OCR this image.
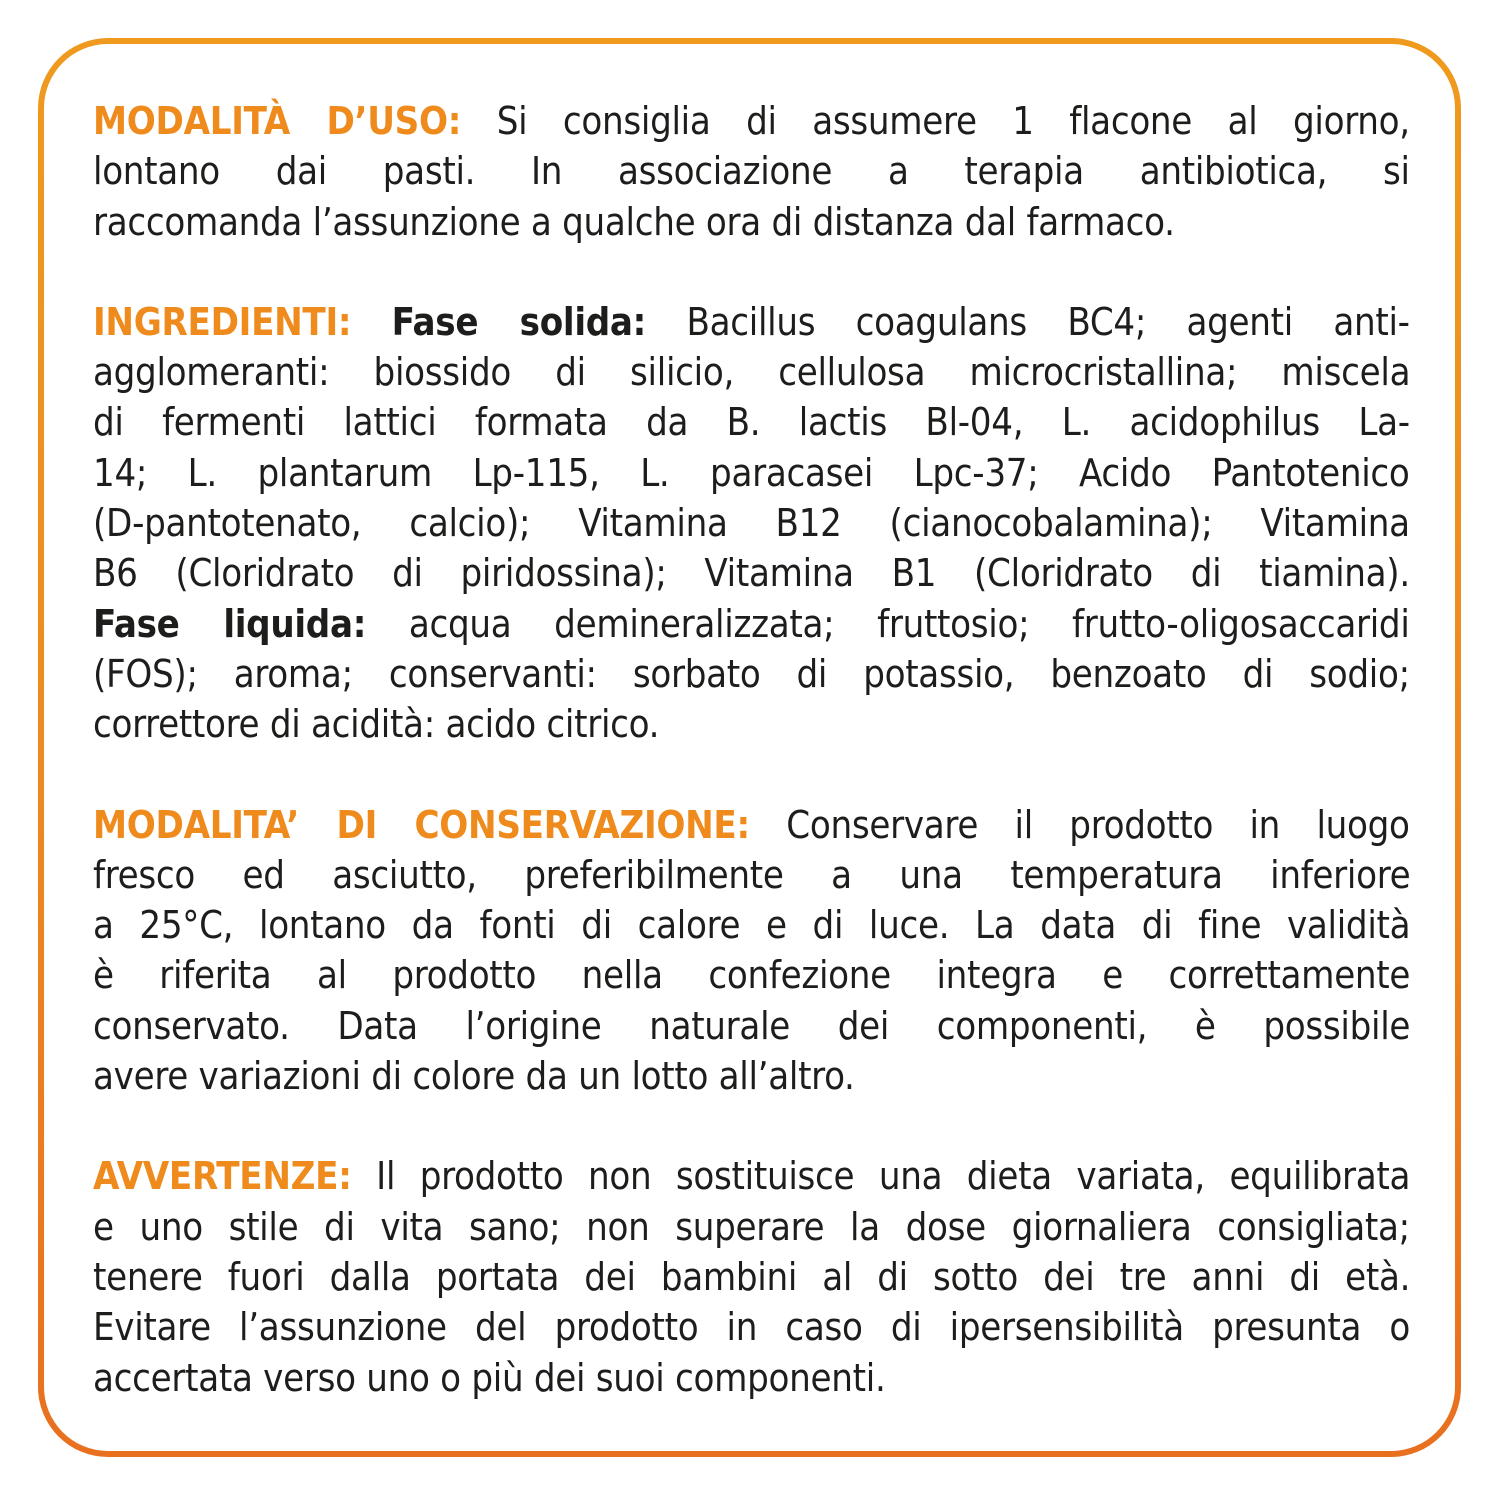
MODALITÀ D’USO: Si consiglia di assumere 1 flacone al giorno,
lontano dai pasti. In associazione a terapia antibiotica, si
raccomanda l’assunzione a qualche ora di distanza dal farmaco.
INGREDIENTI: Fase solida: Bacillus coagulans BC4; agenti anti-
agglomeranti: biossido di silicio, cellulosa microcristallina; miscela
di fermenti lattici formata da B. lactis Bl-04, L. acidophilus La-
14; L. plantarum Lp-115, L. paracasei Lpc-37; Acido Pantotenico
(D-pantotenato, calcio); Vitamina B12 (cianocobalamina); Vitamina
B6 (Cloridrato di piridossina); Vitamina B1 (Cloridrato di tiamina).
Fase liquida: acqua demineralizzata; fruttosio; frutto-oligosaccaridi
(FOS); aroma; conservanti: sorbato di potassio, benzoato di sodio;
correttore di acidità: acido citrico.
MODALITA’ DI CONSERVAZIONE: Conservare il prodotto in luogo
fresco ed asciutto, preferibilmente a una temperatura inferiore
a 25°C, lontano da fonti di calore e di luce. La data di fine validità
è riferita al prodotto nella confezione integra e correttamente
conservato. Data l’origine naturale dei componenti, è possibile
avere variazioni di colore da un lotto all’altro.
AVVERTENZE: Il prodotto non sostituisce una dieta variata, equilibrata
e uno stile di vita sano; non superare la dose giornaliera consigliata;
tenere fuori dalla portata dei bambini al di sotto dei tre anni di età.
Evitare l’assunzione del prodotto in caso di ipersensibilità presunta o
accertata verso uno o più dei suoi componenti.
